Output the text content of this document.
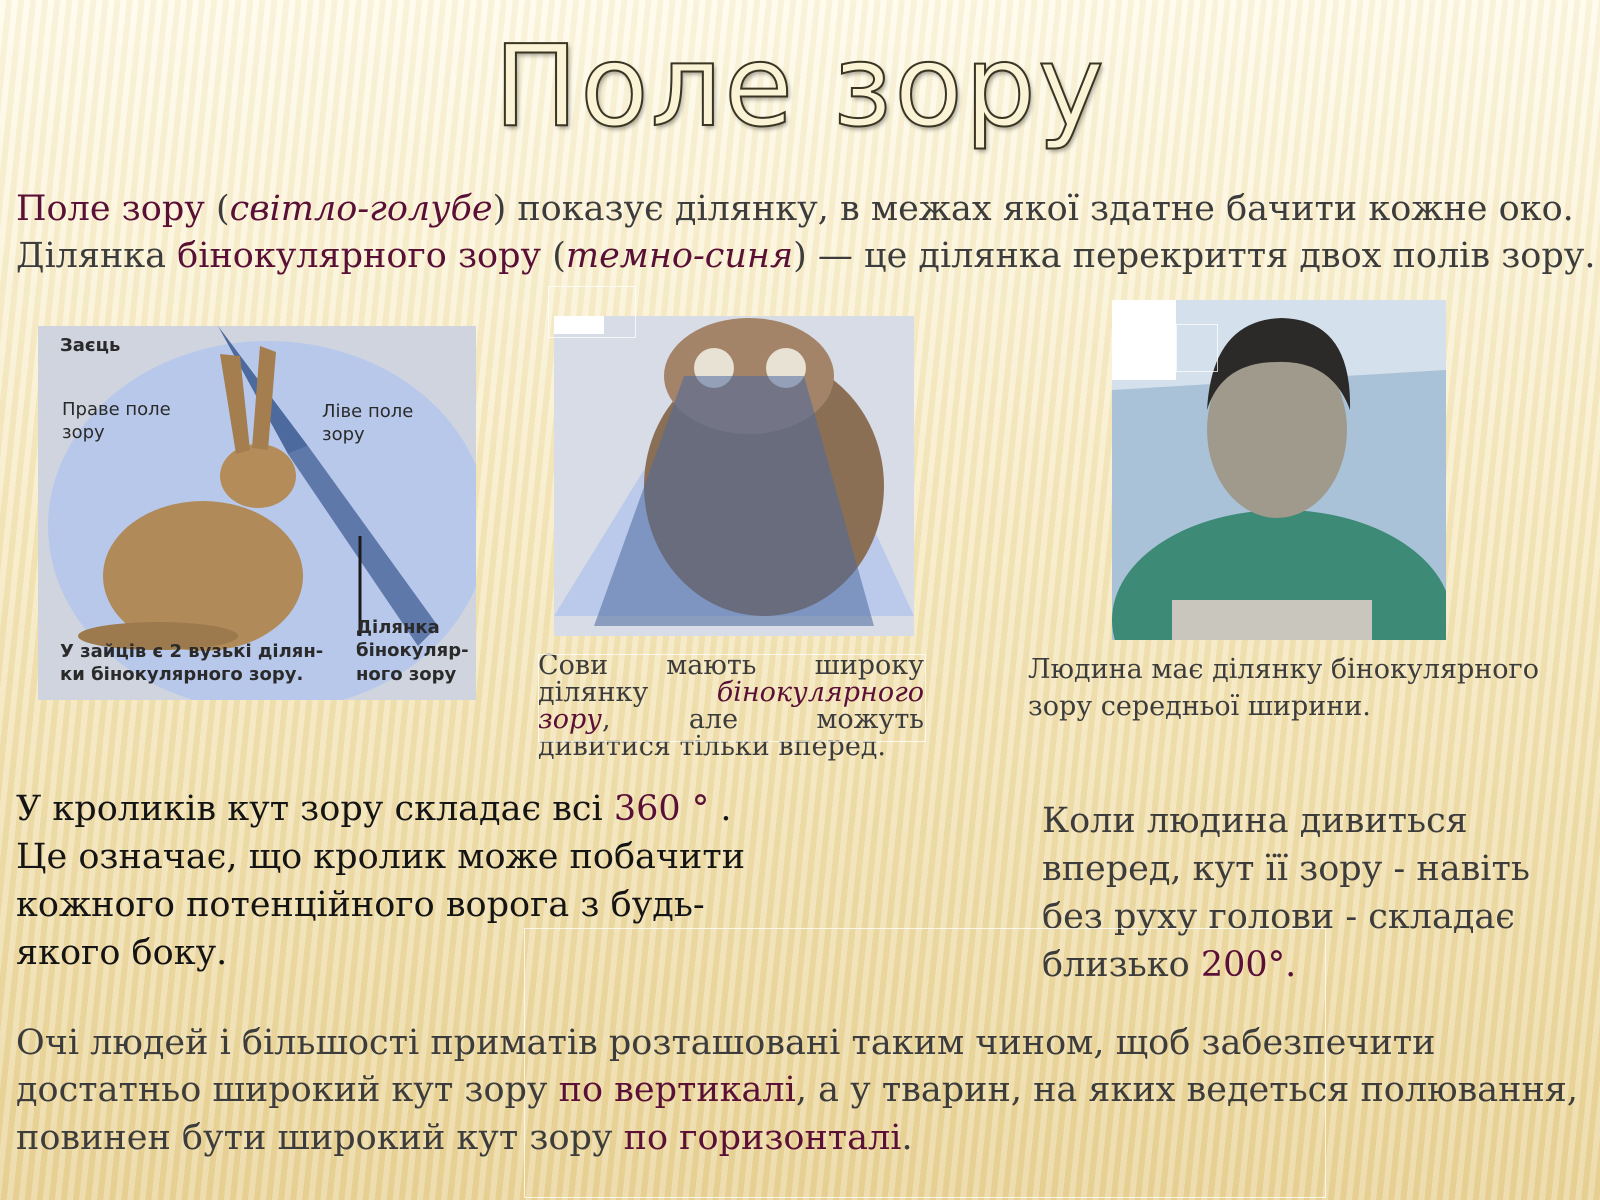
Поле зору
Поле зору (світло-голубе) показує ділянку, в межах якої здатне бачити кожне око.
Ділянка бінокулярного зору (темно-синя) — це ділянка перекриття двох полів зору.
Заєць
Праве поле зору
Ліве поле зору
Ділянка бінокуляр-ного зору
У зайців є 2 вузькі ділян-ки бінокулярного зору.	Сови мають широку ділянку бінокулярного зору, але можуть дивитися тільки вперед.
Людина має ділянку бінокулярного зору середньої ширини.
У кроликів кут зору складає всі 360 ° .
Це означає, що кролик може побачити кожного потенційного ворога з будь-якого боку.
Коли людина дивиться вперед, кут її зору - навіть без руху голови - складає близько 200°.
Очі людей і більшості приматів розташовані таким чином, щоб забезпечити достатньо широкий кут зору по вертикалі, а у тварин, на яких ведеться полювання, повинен бути широкий кут зору по горизонталі.
